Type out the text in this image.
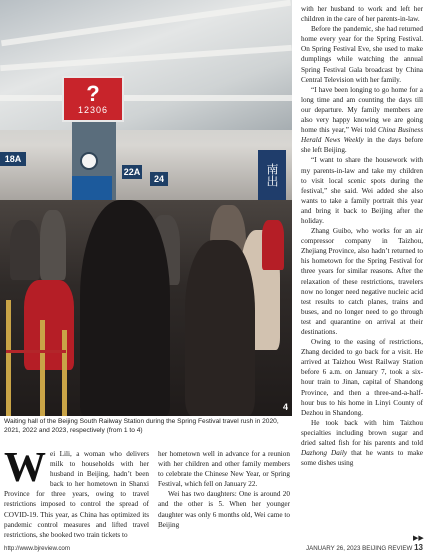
?
12306
18A
22A
24	南出
4
Waiting hall of the Beijing South Railway Station during the Spring Festival travel rush in 2020, 2021, 2022 and 2023, respectively (from 1 to 4)

with her husband to work and left her children in the care of her parents-in-law.

Before the pandemic, she had returned home every year for the Spring Festival. On Spring Festival Eve, she used to make dumplings while watching the annual Spring Festival Gala broadcast by China Central Television with her family.

“I have been longing to go home for a long time and am counting the days till our departure. My family members are also very happy knowing we are going home this year,” Wei told China Business Herald News Weekly in the days before she left Beijing.

“I want to share the housework with my parents-in-law and take my children to visit local scenic spots during the festival,” she said. Wei added she also wants to take a family portrait this year and bring it back to Beijing after the holiday.

Zhang Guibo, who works for an air compressor company in Taizhou, Zhejiang Province, also hadn’t returned to his hometown for the Spring Festival for three years for similar reasons. After the relaxation of these restrictions, travelers now no longer need negative nucleic acid test results to catch planes, trains and buses, and no longer need to go through test and quarantine on arrival at their destinations.

Owing to the easing of restrictions, Zhang decided to go back for a visit. He arrived at Taizhou West Railway Station before 6 a.m. on January 7, took a six-hour train to Jinan, capital of Shandong Province, and then a three-and-a-half-hour bus to his home in Linyi County of Dezhou in Shandong.

He took back with him Taizhou specialties including brown sugar and dried salted fish for his parents and told Dazhong Daily that he wants to make some dishes using

Wei Lili, a woman who delivers milk to households with her husband in Beijing, hadn’t been back to her hometown in Shanxi Province for three years, owing to travel restrictions imposed to control the spread of COVID-19. This year, as China has optimized its pandemic control measures and lifted travel restrictions, she booked two train tickets to

her hometown well in advance for a reunion with her children and other family members to celebrate the Chinese New Year, or Spring Festival, which fell on January 22.

Wei has two daughters: One is around 20 and the other is 5. When her younger daughter was only 6 months old, Wei came to Beijing

http://www.bjreview.com	JANUARY 26, 2023 BEIJING REVIEW 13
▶▶
